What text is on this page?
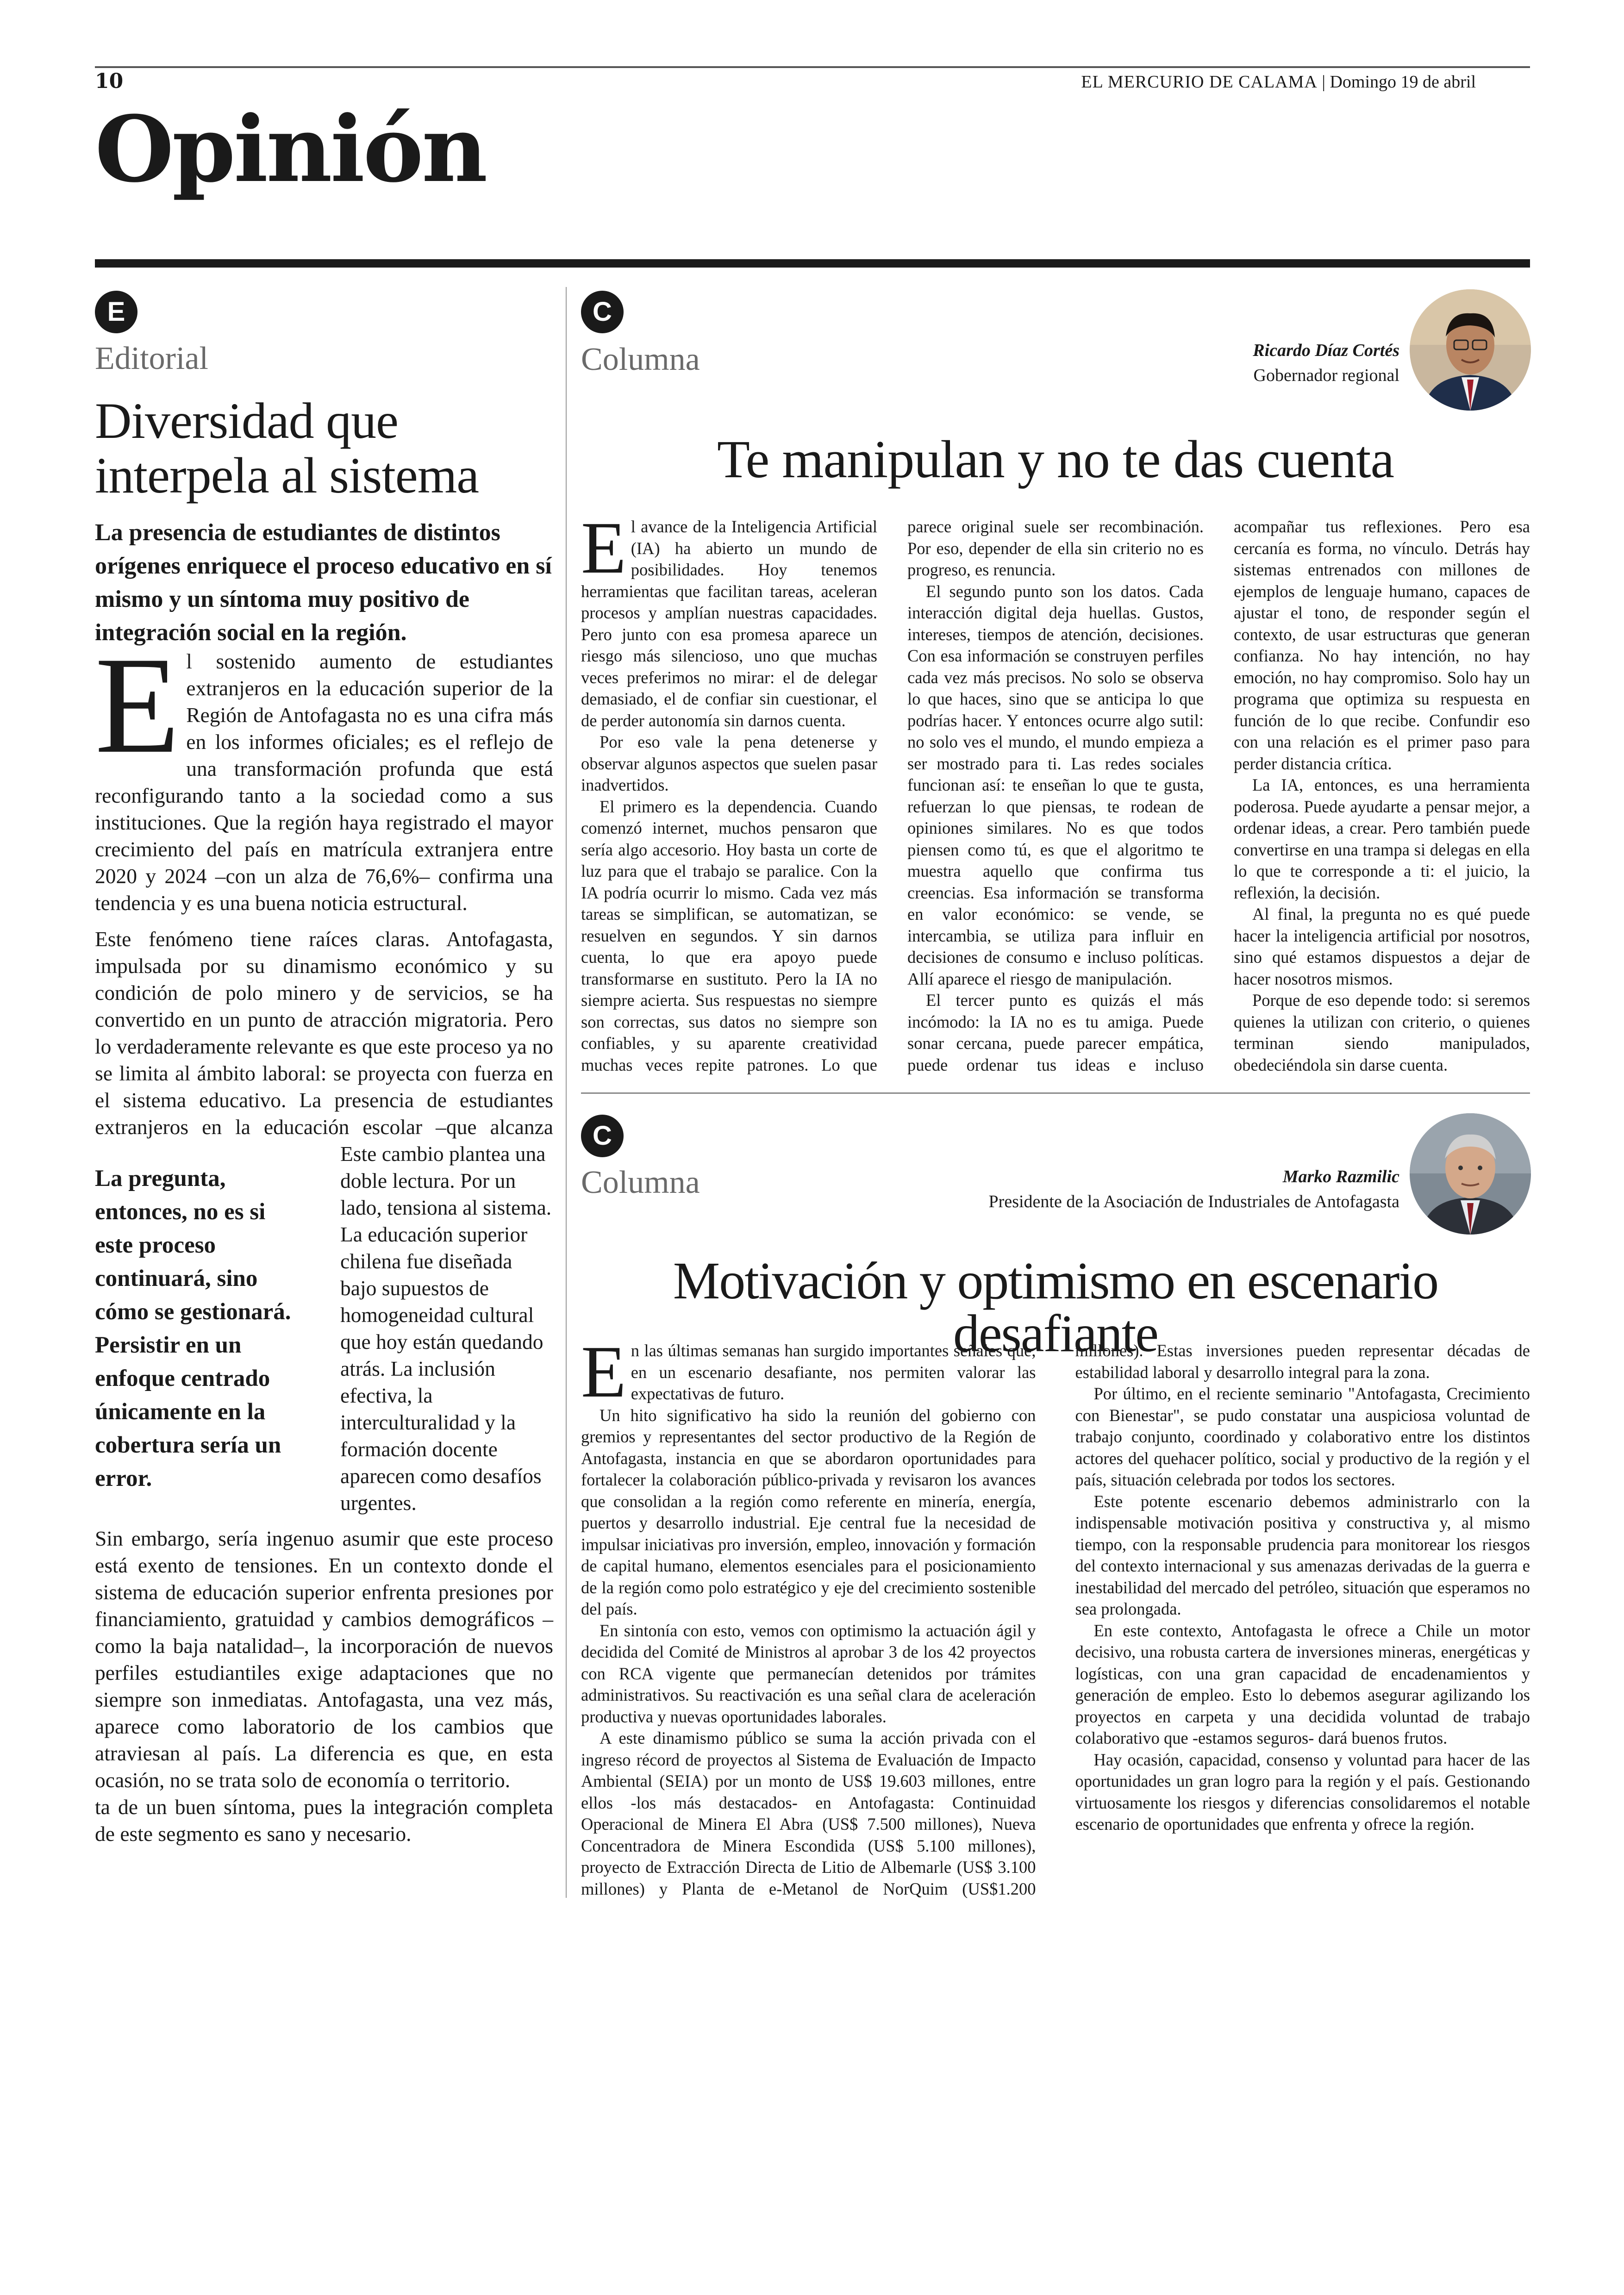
10	EL MERCURIO DE CALAMA | Domingo 19 de abril
Opinión
E
Editorial
Diversidad que
interpela al sistema
La presencia de estudiantes de distintos orígenes enriquece el proceso educativo en sí mismo y un síntoma muy positivo de integración social en la región.

El sostenido aumento de estudiantes extranjeros en la educación superior de la Región de Antofagasta no es una cifra más en los informes oficiales; es el reflejo de una transformación profunda que está reconfigurando tanto a la sociedad como a sus instituciones. Que la región haya registrado el mayor crecimiento del país en matrícula extranjera entre 2020 y 2024 –con un alza de 76,6%– confirma una tendencia y es una buena noticia estructural.

Este fenómeno tiene raíces claras. Antofagasta, impulsada por su dinamismo económico y su condición de polo minero y de servicios, se ha convertido en un punto de atracción migratoria. Pero lo verdaderamente relevante es que este proceso ya no se limita al ámbito laboral: se proyecta con fuerza en el sistema educativo. La presencia de estudiantes extranjeros en la educación escolar –que alcanza

Este cambio plantea una doble lectura. Por un lado, tensiona al sistema. La educación superior chilena fue diseñada bajo supuestos de homogeneidad cultural que hoy están quedando atrás. La inclusión efectiva, la interculturalidad y la formación docente aparecen como desafíos urgentes.

La pregunta, entonces, no es si este proceso continuará, sino cómo se gestionará. Persistir en un enfoque centrado únicamente en la cobertura sería un error.

Sin embargo, sería ingenuo asumir que este proceso está exento de tensiones. En un contexto donde el sistema de educación superior enfrenta presiones por financiamiento, gratuidad y cambios demográficos –como la baja natalidad–, la incorporación de nuevos perfiles estudiantiles exige adaptaciones que no siempre son inmediatas. Antofagasta, una vez más, aparece como laboratorio de los cambios que atraviesan al país. La diferencia es que, en esta ocasión, no se trata solo de economía o territorio.

ta de un buen síntoma, pues la integración completa de este segmento es sano y necesario.

C
Columna	Ricardo Díaz Cortés
Gobernador regional
Te manipulan y no te das cuenta

El avance de la Inteligencia Artificial (IA) ha abierto un mundo de posibilidades. Hoy tenemos herramientas que facilitan tareas, aceleran procesos y amplían nuestras capacidades. Pero junto con esa promesa aparece un riesgo más silencioso, uno que muchas veces preferimos no mirar: el de delegar demasiado, el de confiar sin cuestionar, el de perder autonomía sin darnos cuenta.

Por eso vale la pena detenerse y observar algunos aspectos que suelen pasar inadvertidos.

El primero es la dependencia. Cuando comenzó internet, muchos pensaron que sería algo accesorio. Hoy basta un corte de luz para que el trabajo se paralice. Con la IA podría ocurrir lo mismo. Cada vez más tareas se simplifican, se automatizan, se resuelven en segundos. Y sin darnos cuenta, lo que era apoyo puede transformarse en sustituto. Pero la IA no siempre acierta. Sus respuestas no siempre son correctas, sus datos no siempre son confiables, y su aparente creatividad muchas veces repite patrones. Lo que parece original suele ser recombinación. Por eso, depender de ella sin criterio no es progreso, es renuncia.

El segundo punto son los datos. Cada interacción digital deja huellas. Gustos, intereses, tiempos de atención, decisiones. Con esa información se construyen perfiles cada vez más precisos. No solo se observa lo que haces, sino que se anticipa lo que podrías hacer. Y entonces ocurre algo sutil: no solo ves el mundo, el mundo empieza a ser mostrado para ti. Las redes sociales funcionan así: te enseñan lo que te gusta, refuerzan lo que piensas, te rodean de opiniones similares. No es que todos piensen como tú, es que el algoritmo te muestra aquello que confirma tus creencias. Esa información se transforma en valor económico: se vende, se intercambia, se utiliza para influir en decisiones de consumo e incluso políticas. Allí aparece el riesgo de manipulación.

El tercer punto es quizás el más incómodo: la IA no es tu amiga. Puede sonar cercana, puede parecer empática, puede ordenar tus ideas e incluso acompañar tus reflexiones. Pero esa cercanía es forma, no vínculo. Detrás hay sistemas entrenados con millones de ejemplos de lenguaje humano, capaces de ajustar el tono, de responder según el contexto, de usar estructuras que generan confianza. No hay intención, no hay emoción, no hay compromiso. Solo hay un programa que optimiza su respuesta en función de lo que recibe. Confundir eso con una relación es el primer paso para perder distancia crítica.

La IA, entonces, es una herramienta poderosa. Puede ayudarte a pensar mejor, a ordenar ideas, a crear. Pero también puede convertirse en una trampa si delegas en ella lo que te corresponde a ti: el juicio, la reflexión, la decisión.

Al final, la pregunta no es qué puede hacer la inteligencia artificial por nosotros, sino qué estamos dispuestos a dejar de hacer nosotros mismos.

Porque de eso depende todo: si seremos quienes la utilizan con criterio, o quienes terminan siendo manipulados, obedeciéndola sin darse cuenta.

C
Columna	Marko Razmilic
Presidente de la Asociación de Industriales de Antofagasta
Motivación y optimismo en escenario desafiante

En las últimas semanas han surgido importantes señales que, en un escenario desafiante, nos permiten valorar las expectativas de futuro.

Un hito significativo ha sido la reunión del gobierno con gremios y representantes del sector productivo de la Región de Antofagasta, instancia en que se abordaron oportunidades para fortalecer la colaboración público-privada y revisaron los avances que consolidan a la región como referente en minería, energía, puertos y desarrollo industrial. Eje central fue la necesidad de impulsar iniciativas pro inversión, empleo, innovación y formación de capital humano, elementos esenciales para el posicionamiento de la región como polo estratégico y eje del crecimiento sostenible del país.

En sintonía con esto, vemos con optimismo la actuación ágil y decidida del Comité de Ministros al aprobar 3 de los 42 proyectos con RCA vigente que permanecían detenidos por trámites administrativos. Su reactivación es una señal clara de aceleración productiva y nuevas oportunidades laborales.

A este dinamismo público se suma la acción privada con el ingreso récord de proyectos al Sistema de Evaluación de Impacto Ambiental (SEIA) por un monto de US$ 19.603 millones, entre ellos -los más destacados- en Antofagasta: Continuidad Operacional de Minera El Abra (US$ 7.500 millones), Nueva Concentradora de Minera Escondida (US$ 5.100 millones), proyecto de Extracción Directa de Litio de Albemarle (US$ 3.100 millones) y Planta de e-Metanol de NorQuim (US$1.200 millones). Estas inversiones pueden representar décadas de estabilidad laboral y desarrollo integral para la zona.

Por último, en el reciente seminario "Antofagasta, Crecimiento con Bienestar", se pudo constatar una auspiciosa voluntad de trabajo conjunto, coordinado y colaborativo entre los distintos actores del quehacer político, social y productivo de la región y el país, situación celebrada por todos los sectores.

Este potente escenario debemos administrarlo con la indispensable motivación positiva y constructiva y, al mismo tiempo, con la responsable prudencia para monitorear los riesgos del contexto internacional y sus amenazas derivadas de la guerra e inestabilidad del mercado del petróleo, situación que esperamos no sea prolongada.

En este contexto, Antofagasta le ofrece a Chile un motor decisivo, una robusta cartera de inversiones mineras, energéticas y logísticas, con una gran capacidad de encadenamientos y generación de empleo. Esto lo debemos asegurar agilizando los proyectos en carpeta y una decidida voluntad de trabajo colaborativo que -estamos seguros- dará buenos frutos.

Hay ocasión, capacidad, consenso y voluntad para hacer de las oportunidades un gran logro para la región y el país. Gestionando virtuosamente los riesgos y diferencias consolidaremos el notable escenario de oportunidades que enfrenta y ofrece la región.
